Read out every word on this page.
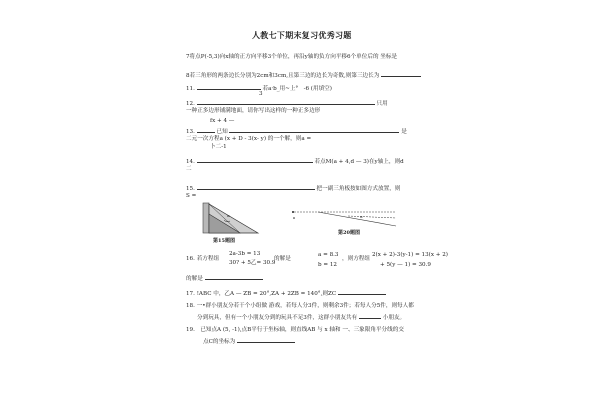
人教七下期末复习优秀习题
7将点P(-5,3)向x轴的正方向平移3个单位，再沿y轴的负方向平移6个单位后的 坐标是
8若三角形的两条边长分别为2cm和3cm,且第三边的边长为奇数,则第三边长为
11.	若a·b_用~上° -6 (用填空)
3
12.	只用
一种正多边形铺满地面，请你写出这样的一种正多边形
fx + 4 —
13.	已知	是
二元一次方程a (x + D - 3(x- y) 的一个解，则a =
卜二-1
14.	若点M(a + 4,d — 3)在y轴上，则d
二
15.	把一副三角板按如图方式放置，则
S =
α
第15题图
α
第20题图
16. 若方程组
2a-3b = 13
30? + 5乙= 30.9
的解是
a = 8.3
b = 12
，则方程组
2(x + 2)-3(y-1) = 13(x + 2)
+ 5(y — 1) = 30.9
的解是
17. !ABC 中，乙A — ZB = 20°,ZA + 2ZB = 140°,则ZC
18. 一•群小朋友分若干个小组做 游戏，若每人分3件，则剩余3件；若每人分5件，则每人都
分到玩具，但有一个小朋友分到的玩具不足3件，这群小朋友共有	小朋友。
19. 已知点A (5, -1),点B平行于坐标轴，则直线AB 与 x 轴和 一、三象限角平分线的交
点C的坐标为
